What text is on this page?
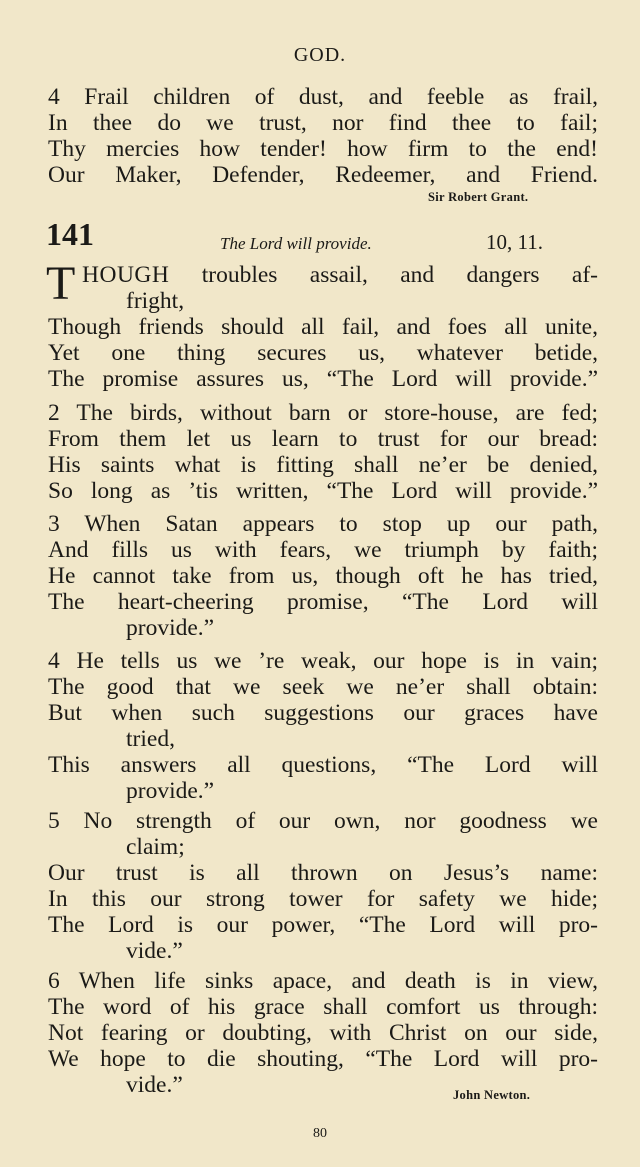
GOD.
4 Frail children of dust, and feeble as frail,
In thee do we trust, nor find thee to fail;
Thy mercies how tender! how firm to the end!
Our Maker, Defender, Redeemer, and Friend.
Sir Robert Grant.
141	The Lord will provide.	10, 11.
T HOUGH troubles assail, and dangers af-
fright,
Though friends should all fail, and foes all unite,
Yet one thing secures us, whatever betide,
The promise assures us, “The Lord will provide.”
2 The birds, without barn or store-house, are fed;
From them let us learn to trust for our bread:
His saints what is fitting shall ne’er be denied,
So long as ’tis written, “The Lord will provide.”
3 When Satan appears to stop up our path,
And fills us with fears, we triumph by faith;
He cannot take from us, though oft he has tried,
The heart-cheering promise, “The Lord will
provide.”
4 He tells us we ’re weak, our hope is in vain;
The good that we seek we ne’er shall obtain:
But when such suggestions our graces have
tried,
This answers all questions, “The Lord will
provide.”
5 No strength of our own, nor goodness we
claim;
Our trust is all thrown on Jesus’s name:
In this our strong tower for safety we hide;
The Lord is our power, “The Lord will pro-
vide.”
6 When life sinks apace, and death is in view,
The word of his grace shall comfort us through:
Not fearing or doubting, with Christ on our side,
We hope to die shouting, “The Lord will pro-
vide.”	John Newton.
80
